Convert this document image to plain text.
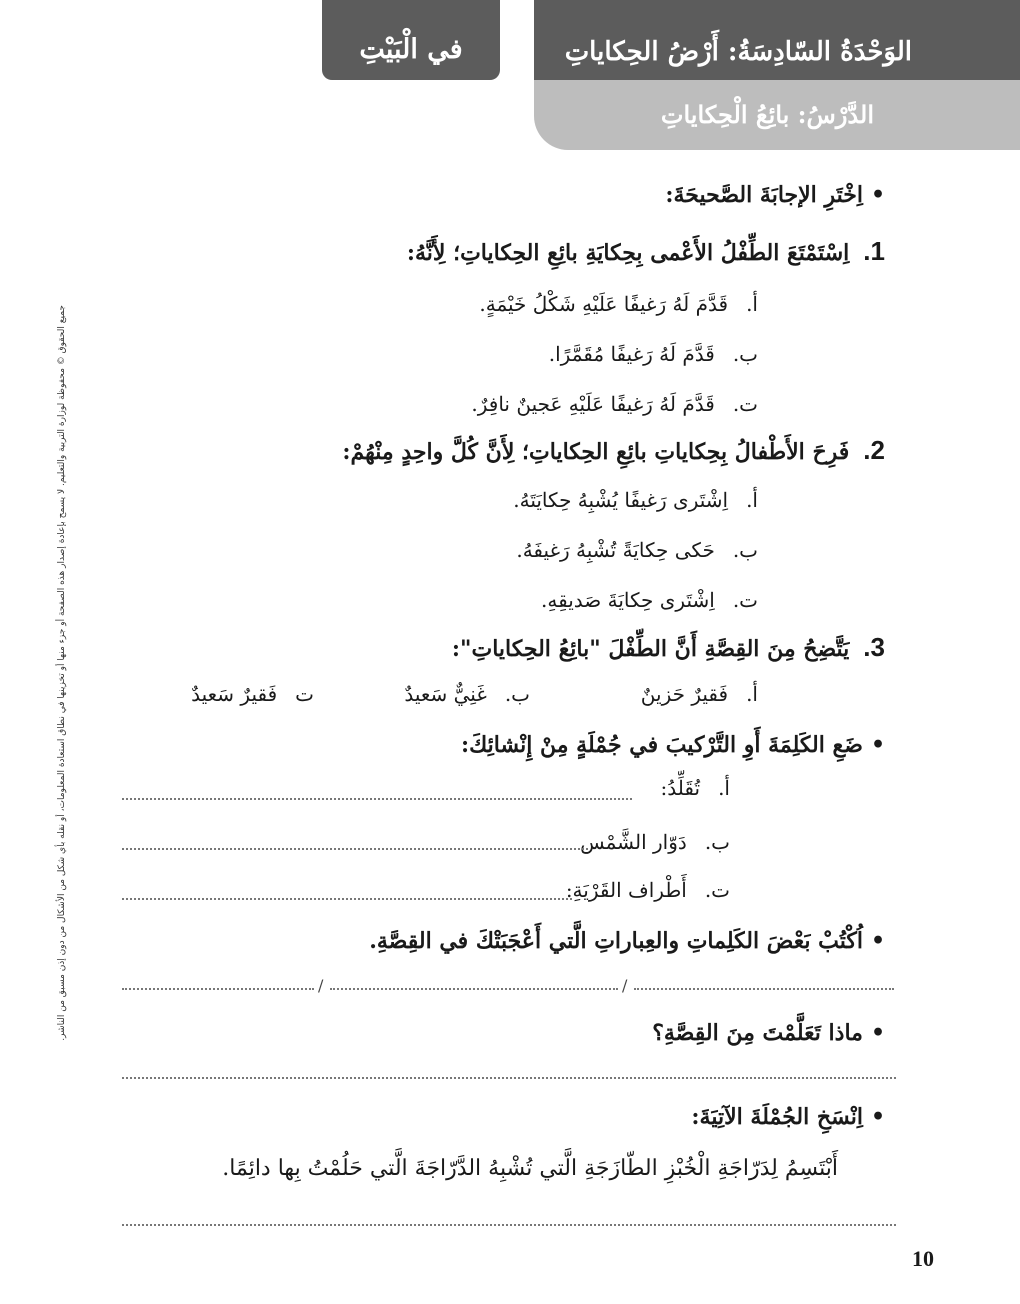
في الْبَيْتِ	الوَحْدَةُ السّادِسَةُ: أَرْضُ الحِكاياتِ
الدَّرْسُ: بائِعُ الْحِكاياتِ
جميع الحقوق © محفوظة لوزارة التربية والتعليم. لا يسمح بإعادة إصدار هذه الصفحة أو جزء منها أو تخزينها في نطاق استعادة المعلومات، أو نقله بأي شكل من الأشكال من دون إذن مسبق من الناشر.
•اِخْتَرِ الإجابَةَ الصَّحيحَةَ:
1.اِسْتَمْتَعَ الطِّفْلُ الأَعْمى بِحِكايَةِ بائِعِ الحِكاياتِ؛ لِأَنَّهُ:
أ.قَدَّمَ لَهُ رَغيفًا عَلَيْهِ شَكْلُ خَيْمَةٍ.
ب.قَدَّمَ لَهُ رَغيفًا مُقَمَّرًا.
ت.قَدَّمَ لَهُ رَغيفًا عَلَيْهِ عَجينٌ نافِرٌ.
2.فَرِحَ الأَطْفالُ بِحِكاياتِ بائِعِ الحِكاياتِ؛ لِأَنَّ كُلَّ واحِدٍ مِنْهُمْ:
أ.اِشْتَرى رَغيفًا يُشْبِهُ حِكايَتَهُ.
ب.حَكى حِكايَةً تُشْبِهُ رَغيفَهُ.
ت.اِشْتَرى حِكايَةَ صَديقِهِ.
3.يَتَّضِحُ مِنَ القِصَّةِ أَنَّ الطِّفْلَ "بائِعُ الحِكاياتِ":
أ.فَقيرٌ حَزينٌ
ب.غَنِيٌّ سَعيدٌ
تفَقيرٌ سَعيدٌ
•ضَعِ الكَلِمَةَ أَوِ التَّرْكيبَ في جُمْلَةٍ مِنْ إِنْشائِكَ:
أ.تُقَلِّدُ:
ب.دَوّار الشَّمْس
ت.أَطْراف القَرْيَةِ:
•اُكْتُبْ بَعْضَ الكَلِماتِ والعِباراتِ الَّتي أَعْجَبَتْكَ في القِصَّةِ.
/	/
•ماذا تَعَلَّمْتَ مِنَ القِصَّةِ؟
•اِنْسَخِ الجُمْلَةَ الآتِيَةَ:
أَبْتَسِمُ لِدَرّاجَةِ الْخُبْزِ الطّازَجَةِ الَّتي تُشْبِهُ الدَّرّاجَةَ الَّتي حَلُمْتُ بِها دائِمًا.
10
